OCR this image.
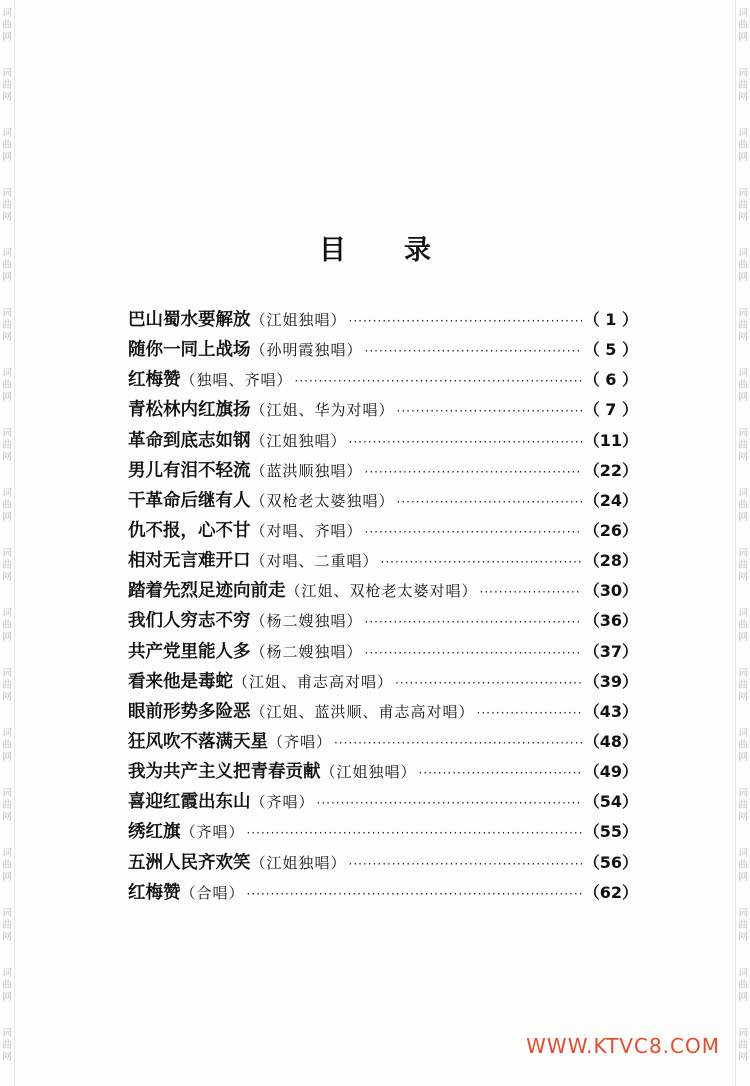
词
曲
网
词
曲
网
词
曲
网
词
曲
网
词
曲
网
词
曲
网
词
曲
网
词
曲
网
词
曲
网
词
曲
网
词
曲
网
词
曲
网
词
曲
网
词
曲
网
词
曲
网
词
曲
网
词
曲
网
词
曲
网
词
曲
网
词
曲
网
词
曲
网
词
曲
网
词
曲
网
词
曲
网
词
曲
网
词
曲
网
词
曲
网
词
曲
网
词
曲
网
词
曲
网
词
曲
网
词
曲
网
词
曲
网
词
曲
网
词
曲
网
词
曲
网
目 录
巴山蜀水要解放 （江姐独唱） ·····	（ 1 ）
随你一同上战场 （孙明霞独唱） ·····	（ 5 ）
红梅赞 （独唱、齐唱） ·····	（ 6 ）
青松林内红旗扬 （江姐、华为对唱） ·····	（ 7 ）
革命到底志如钢 （江姐独唱） ·····	（11）
男儿有泪不轻流 （蓝洪顺独唱） ·····	（22）
干革命后继有人 （双枪老太婆独唱） ·····	（24）
仇不报，心不甘 （对唱、齐唱） ·····	（26）
相对无言难开口 （对唱、二重唱） ·····	（28）
踏着先烈足迹向前走 （江姐、双枪老太婆对唱） ·····	（30）
我们人穷志不穷 （杨二嫂独唱） ·····	（36）
共产党里能人多 （杨二嫂独唱） ·····	（37）
看来他是毒蛇 （江姐、甫志高对唱） ·····	（39）
眼前形势多险恶 （江姐、蓝洪顺、甫志高对唱） ·····	（43）
狂风吹不落满天星 （齐唱） ·····	（48）
我为共产主义把青春贡献 （江姐独唱） ·····	（49）
喜迎红霞出东山 （齐唱） ·····	（54）
绣红旗 （齐唱） ·····	（55）
五洲人民齐欢笑 （江姐独唱） ·····	（56）
红梅赞 （合唱） ·····	（62）
WWW.KTVC8.COM
